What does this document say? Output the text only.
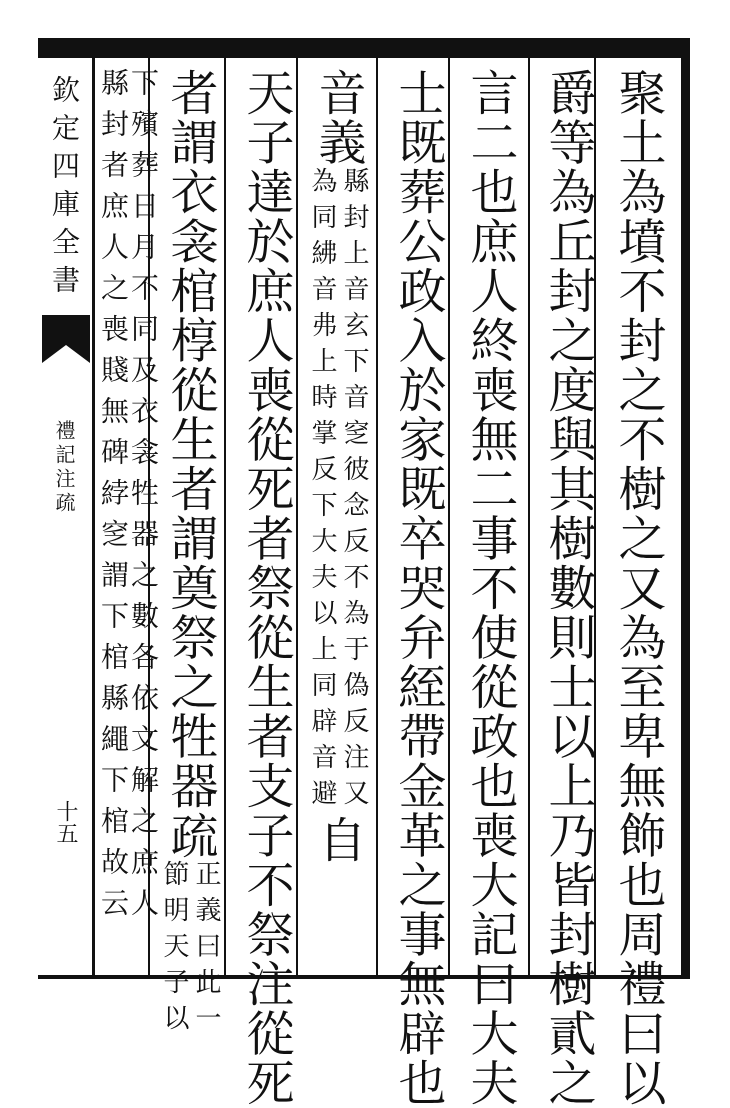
欽定四庫全書
禮記注疏
十五	聚土為墳不封之不樹之又為至卑無飾也周禮曰以
爵等為丘封之度與其樹數則士以上乃皆封樹貳之
言二也庶人終喪無二事不使從政也喪大記曰大夫
士既葬公政入於家既卒哭弁絰帶金革之事無辟也
音義
縣封上音玄下音窆彼念反不為于偽反注又
為同紼音弗上時掌反下大夫以上同辟音避
自
天子達於庶人喪從死者祭從生者支子不祭注從死
者謂衣衾棺椁從生者謂奠祭之牲器
疏
正義曰此一
節明天子以
下殯葬日月不同及衣衾牲器之數各依文解之庶人
縣封者庶人之喪賤無碑綍窆謂下棺縣繩下棺故云
